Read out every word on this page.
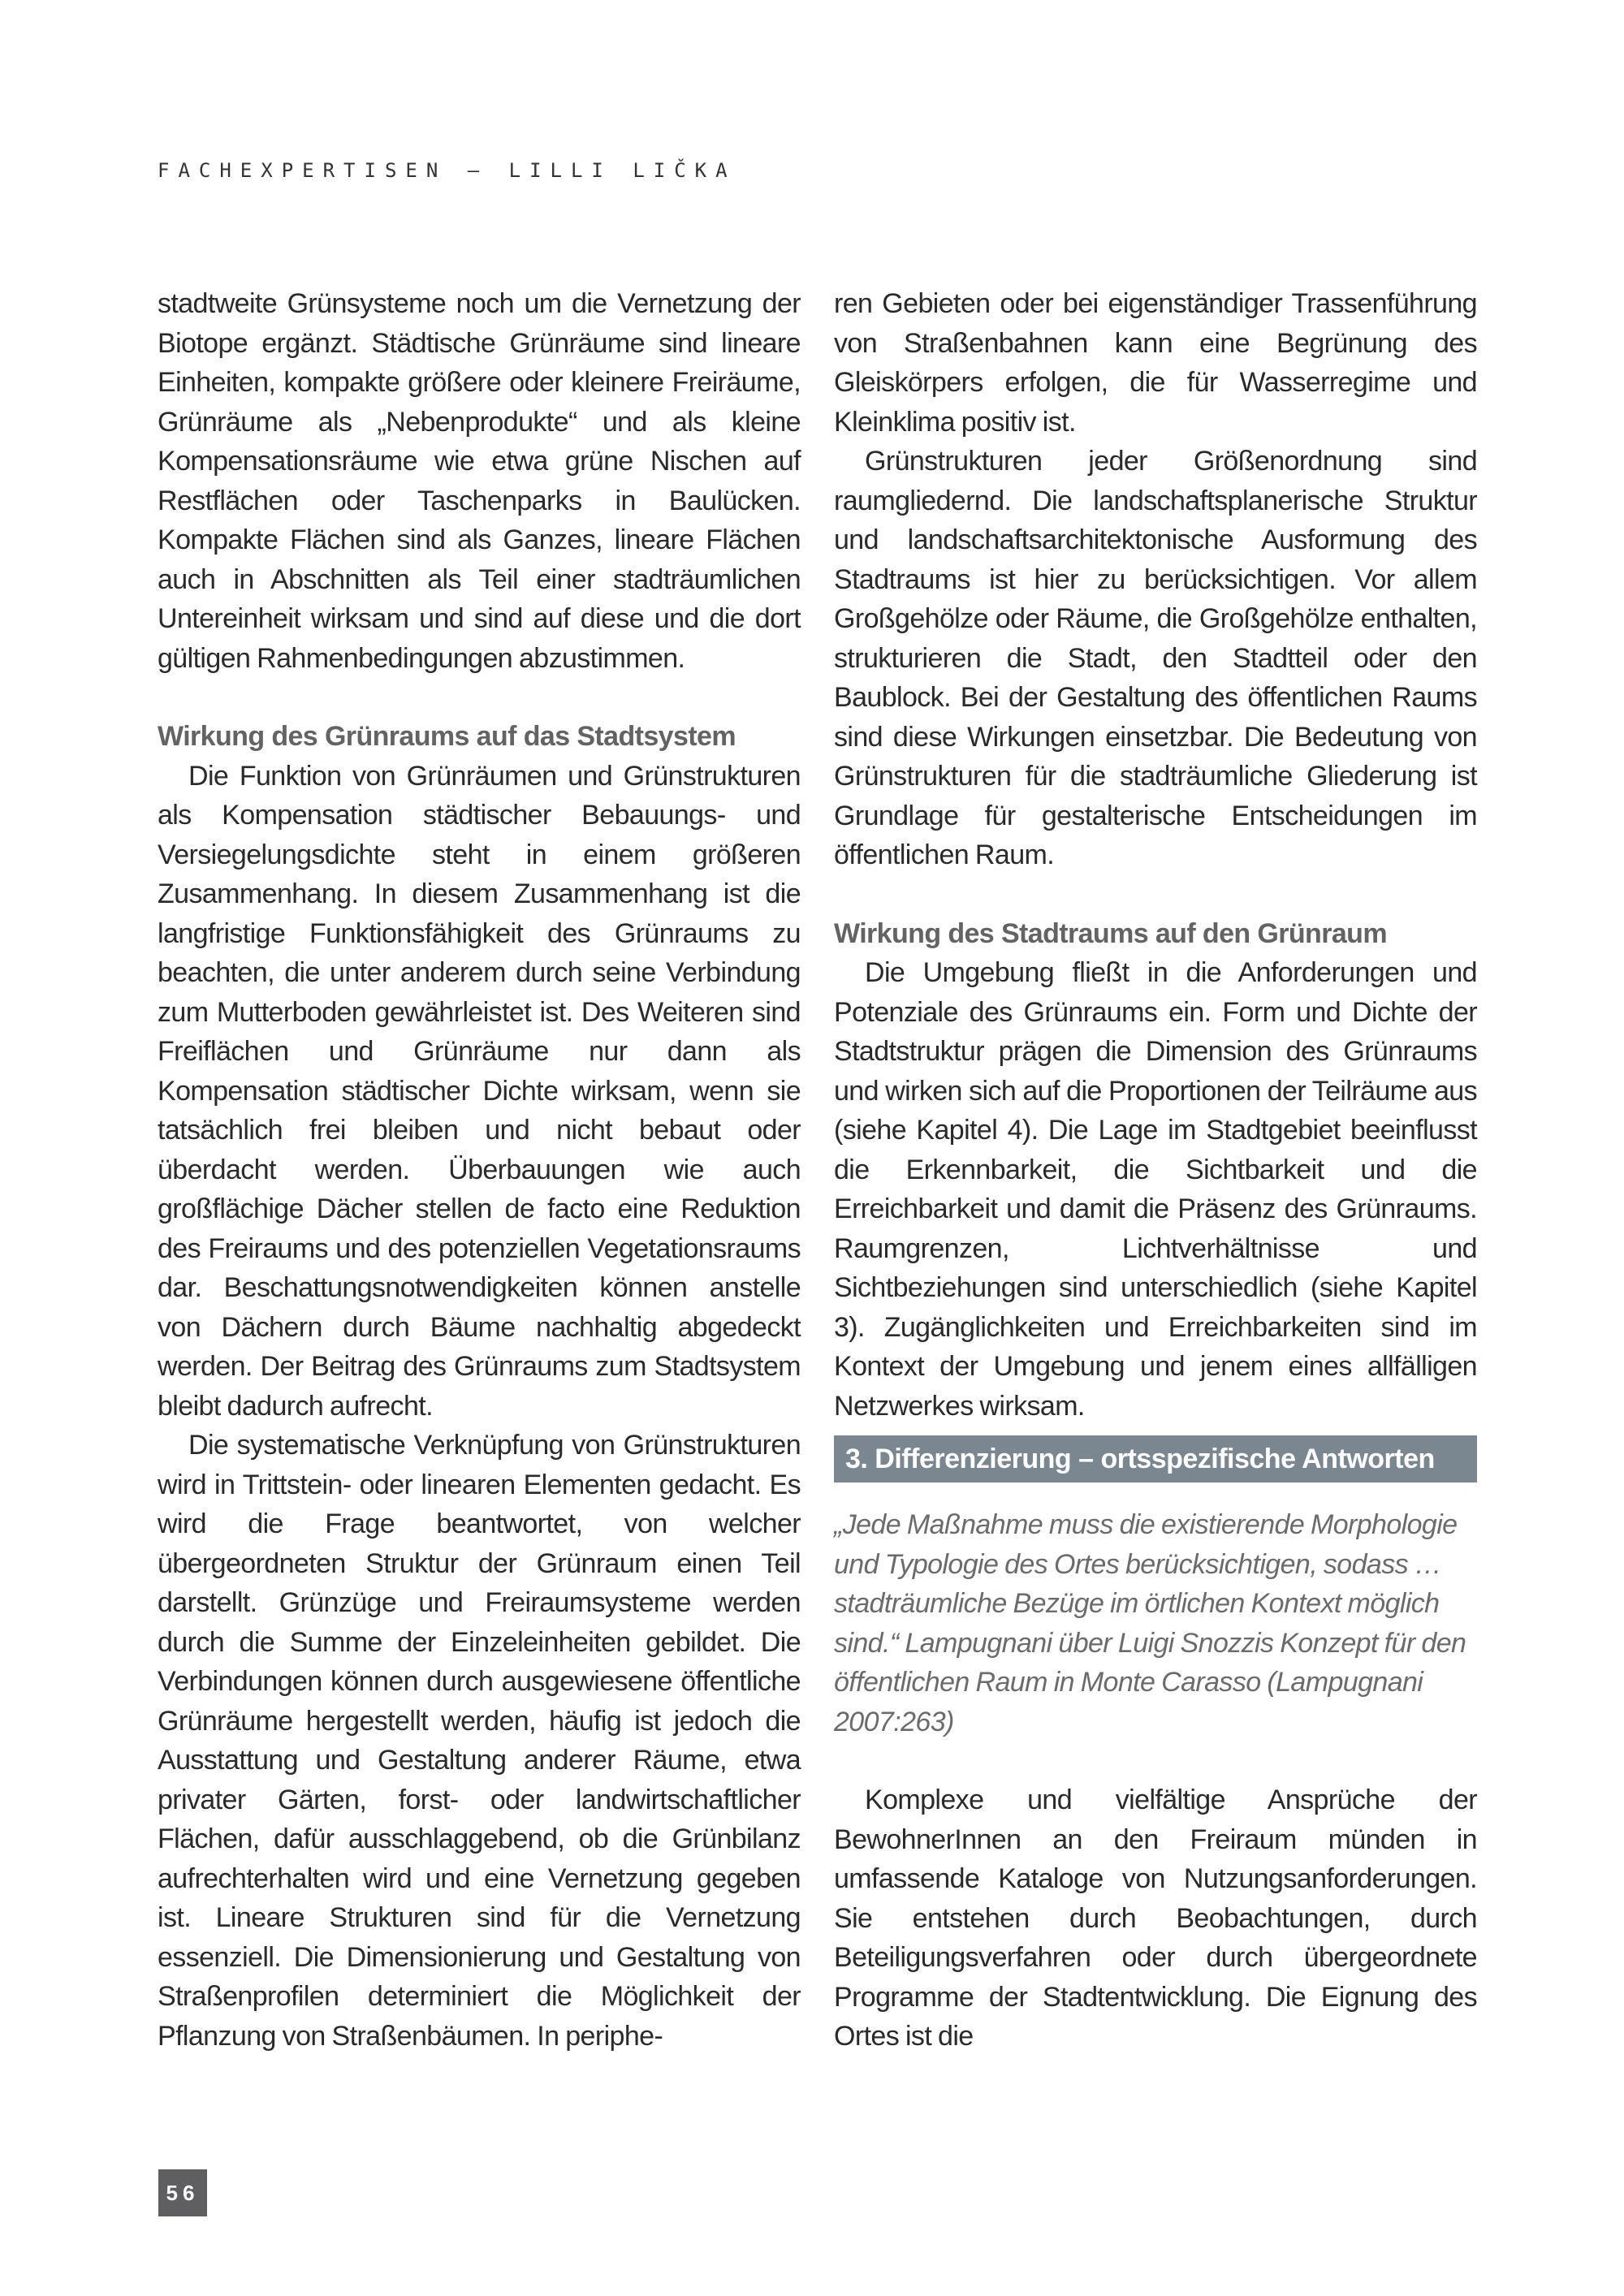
FACHEXPERTISEN – LILLI LIČKA

stadtweite Grünsysteme noch um die Vernetzung der Biotope ergänzt. Städtische Grünräume sind lineare Einheiten, kompakte größere oder kleinere Freiräume, Grünräume als „Nebenprodukte“ und als kleine Kompensationsräume wie etwa grüne Nischen auf Restflächen oder Taschenparks in Baulücken. Kompakte Flächen sind als Ganzes, lineare Flächen auch in Abschnitten als Teil einer stadträumlichen Untereinheit wirksam und sind auf diese und die dort gültigen Rahmenbedingungen abzustimmen.

Wirkung des Grünraums auf das Stadtsystem

Die Funktion von Grünräumen und Grünstrukturen als Kompensation städtischer Bebauungs- und Versiegelungsdichte steht in einem größeren Zusammenhang. In diesem Zusammenhang ist die langfristige Funktionsfähigkeit des Grünraums zu beachten, die unter anderem durch seine Verbindung zum Mutterboden gewährleistet ist. Des Weiteren sind Freiflächen und Grünräume nur dann als Kompensation städtischer Dichte wirksam, wenn sie tatsächlich frei bleiben und nicht bebaut oder überdacht werden. Überbauungen wie auch großflächige Dächer stellen de facto eine Reduktion des Freiraums und des potenziellen Vegetationsraums dar. Beschattungsnotwendigkeiten können anstelle von Dächern durch Bäume nachhaltig abgedeckt werden. Der Beitrag des Grünraums zum Stadtsystem bleibt dadurch aufrecht.

Die systematische Verknüpfung von Grünstrukturen wird in Trittstein- oder linearen Elementen gedacht. Es wird die Frage beantwortet, von welcher übergeordneten Struktur der Grünraum einen Teil darstellt. Grünzüge und Freiraumsysteme werden durch die Summe der Einzeleinheiten gebildet. Die Verbindungen können durch ausgewiesene öffentliche Grünräume hergestellt werden, häufig ist jedoch die Ausstattung und Gestaltung anderer Räume, etwa privater Gärten, forst- oder landwirtschaftlicher Flächen, dafür ausschlaggebend, ob die Grünbilanz aufrechterhalten wird und eine Vernetzung gegeben ist. Lineare Strukturen sind für die Vernetzung essenziell. Die Dimensionierung und Gestaltung von Straßenprofilen determiniert die Möglichkeit der Pflanzung von Straßenbäumen. In periphe-

ren Gebieten oder bei eigenständiger Trassenführung von Straßenbahnen kann eine Begrünung des Gleiskörpers erfolgen, die für Wasserregime und Kleinklima positiv ist.

Grünstrukturen jeder Größenordnung sind raumgliedernd. Die landschaftsplanerische Struktur und landschaftsarchitektonische Ausformung des Stadtraums ist hier zu berücksichtigen. Vor allem Großgehölze oder Räume, die Großgehölze enthalten, strukturieren die Stadt, den Stadtteil oder den Baublock. Bei der Gestaltung des öffentlichen Raums sind diese Wirkungen einsetzbar. Die Bedeutung von Grünstrukturen für die stadträumliche Gliederung ist Grundlage für gestalterische Entscheidungen im öffentlichen Raum.

Wirkung des Stadtraums auf den Grünraum

Die Umgebung fließt in die Anforderungen und Potenziale des Grünraums ein. Form und Dichte der Stadtstruktur prägen die Dimension des Grünraums und wirken sich auf die Proportionen der Teilräume aus (siehe Kapitel 4). Die Lage im Stadtgebiet beeinflusst die Erkennbarkeit, die Sichtbarkeit und die Erreichbarkeit und damit die Präsenz des Grünraums. Raumgrenzen, Lichtverhältnisse und Sichtbeziehungen sind unterschiedlich (siehe Kapitel 3). Zugänglichkeiten und Erreichbarkeiten sind im Kontext der Umgebung und jenem eines allfälligen Netzwerkes wirksam.

3. Differenzierung – ortsspezifische Antworten

„Jede Maßnahme muss die existierende Morphologie und Typologie des Ortes berücksichtigen, sodass … stadträumliche Bezüge im örtlichen Kontext möglich sind.“ Lampugnani über Luigi Snozzis Konzept für den öffentlichen Raum in Monte Carasso (Lampugnani 2007:263)

Komplexe und vielfältige Ansprüche der BewohnerInnen an den Freiraum münden in umfassende Kataloge von Nutzungsanforderungen. Sie entstehen durch Beobachtungen, durch Beteiligungsverfahren oder durch übergeordnete Programme der Stadtentwicklung. Die Eignung des Ortes ist die

56
